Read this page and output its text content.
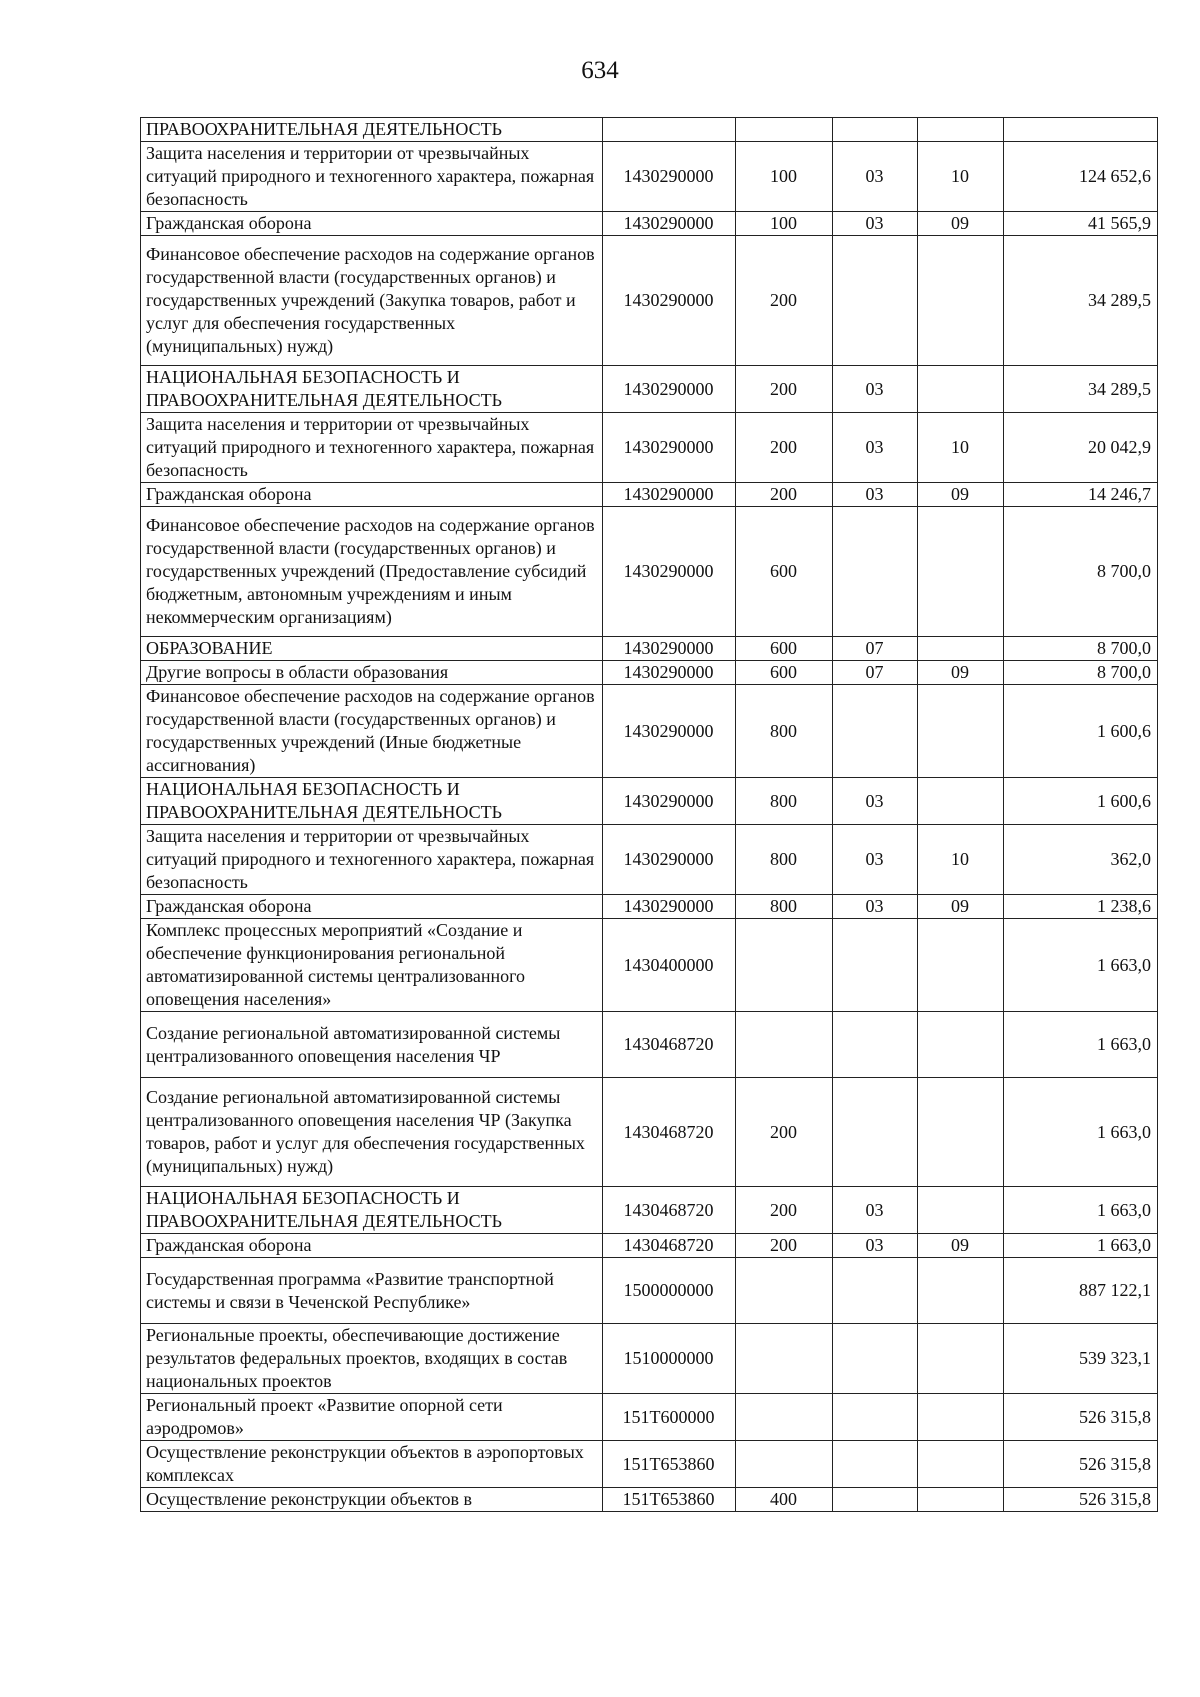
634
ПРАВООХРАНИТЕЛЬНАЯ ДЕЯТЕЛЬНОСТЬ					
Защита населения и территории от чрезвычайных ситуаций природного и техногенного характера, пожарная безопасность	1430290000	100	03	10	124 652,6
Гражданская оборона	1430290000	100	03	09	41 565,9
Финансовое обеспечение расходов на содержание органов государственной власти (государственных органов) и государственных учреждений (Закупка товаров, работ и услуг для обеспечения государственных (муниципальных) нужд)	1430290000	200			34 289,5
НАЦИОНАЛЬНАЯ БЕЗОПАСНОСТЬ И ПРАВООХРАНИТЕЛЬНАЯ ДЕЯТЕЛЬНОСТЬ	1430290000	200	03		34 289,5
Защита населения и территории от чрезвычайных ситуаций природного и техногенного характера, пожарная безопасность	1430290000	200	03	10	20 042,9
Гражданская оборона	1430290000	200	03	09	14 246,7
Финансовое обеспечение расходов на содержание органов государственной власти (государственных органов) и государственных учреждений (Предоставление субсидий бюджетным, автономным учреждениям и иным некоммерческим организациям)	1430290000	600			8 700,0
ОБРАЗОВАНИЕ	1430290000	600	07		8 700,0
Другие вопросы в области образования	1430290000	600	07	09	8 700,0
Финансовое обеспечение расходов на содержание органов государственной власти (государственных органов) и государственных учреждений (Иные бюджетные ассигнования)	1430290000	800			1 600,6
НАЦИОНАЛЬНАЯ БЕЗОПАСНОСТЬ И ПРАВООХРАНИТЕЛЬНАЯ ДЕЯТЕЛЬНОСТЬ	1430290000	800	03		1 600,6
Защита населения и территории от чрезвычайных ситуаций природного и техногенного характера, пожарная безопасность	1430290000	800	03	10	362,0
Гражданская оборона	1430290000	800	03	09	1 238,6
Комплекс процессных мероприятий «Создание и обеспечение функционирования региональной автоматизированной системы централизованного оповещения населения»	1430400000				1 663,0
Создание региональной автоматизированной системы централизованного оповещения населения ЧР	1430468720				1 663,0
Создание региональной автоматизированной системы централизованного оповещения населения ЧР (Закупка товаров, работ и услуг для обеспечения государственных (муниципальных) нужд)	1430468720	200			1 663,0
НАЦИОНАЛЬНАЯ БЕЗОПАСНОСТЬ И ПРАВООХРАНИТЕЛЬНАЯ ДЕЯТЕЛЬНОСТЬ	1430468720	200	03		1 663,0
Гражданская оборона	1430468720	200	03	09	1 663,0
Государственная программа «Развитие транспортной системы и связи в Чеченской Республике»	1500000000				887 122,1
Региональные проекты, обеспечивающие достижение результатов федеральных проектов, входящих в состав национальных проектов	1510000000				539 323,1
Региональный проект «Развитие опорной сети аэродромов»	151Т600000				526 315,8
Осуществление реконструкции объектов в аэропортовых комплексах	151Т653860				526 315,8
Осуществление реконструкции объектов в	151Т653860	400			526 315,8
